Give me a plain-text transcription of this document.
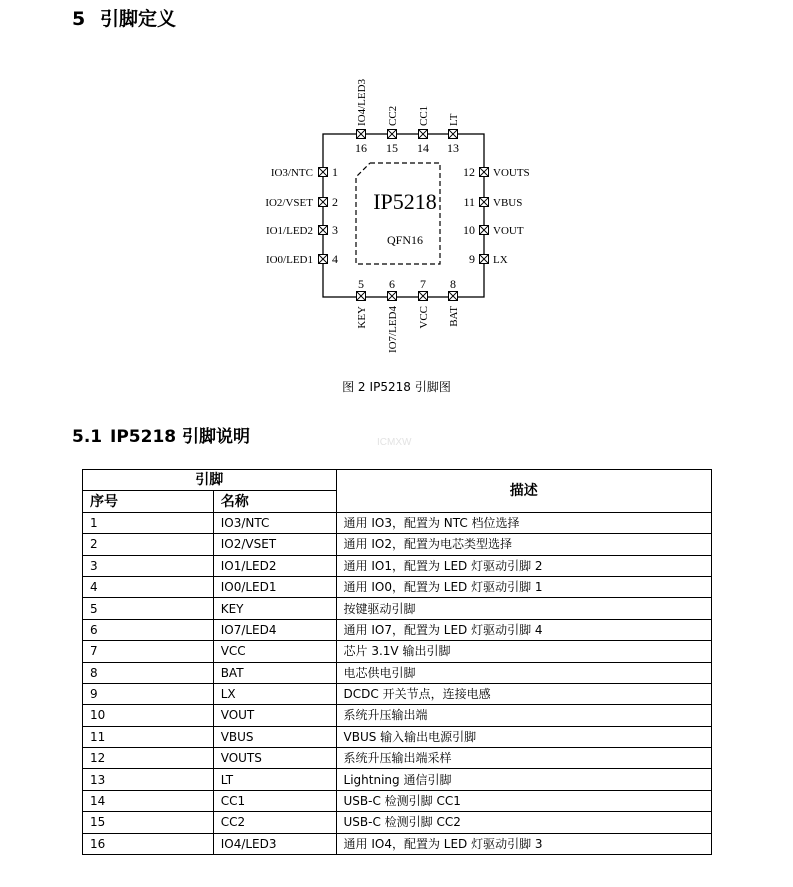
5 引脚定义
IP5218
QFN16
16
IO4/LED3
15
CC2
14
CC1
13
LT
1
IO3/NTC
2
IO2/VSET
3
IO1/LED2
4
IO0/LED1
12 VOUTS
11 VBUS
10 VOUT
9 LX
5
KEY
6
IO7/LED4
7
VCC
8
BAT
图 2 IP5218 引脚图
5.1 IP5218 引脚说明	ICMXW
引脚		描述
序号	名称	
1	IO3/NTC	通用 IO3，配置为 NTC 档位选择
2	IO2/VSET	通用 IO2，配置为电芯类型选择
3	IO1/LED2	通用 IO1，配置为 LED 灯驱动引脚 2
4	IO0/LED1	通用 IO0，配置为 LED 灯驱动引脚 1
5	KEY	按键驱动引脚
6	IO7/LED4	通用 IO7，配置为 LED 灯驱动引脚 4
7	VCC	芯片 3.1V 输出引脚
8	BAT	电芯供电引脚
9	LX	DCDC 开关节点，连接电感
10	VOUT	系统升压输出端
11	VBUS	VBUS 输入输出电源引脚
12	VOUTS	系统升压输出端采样
13	LT	Lightning 通信引脚
14	CC1	USB-C 检测引脚 CC1
15	CC2	USB-C 检测引脚 CC2
16	IO4/LED3	通用 IO4，配置为 LED 灯驱动引脚 3
